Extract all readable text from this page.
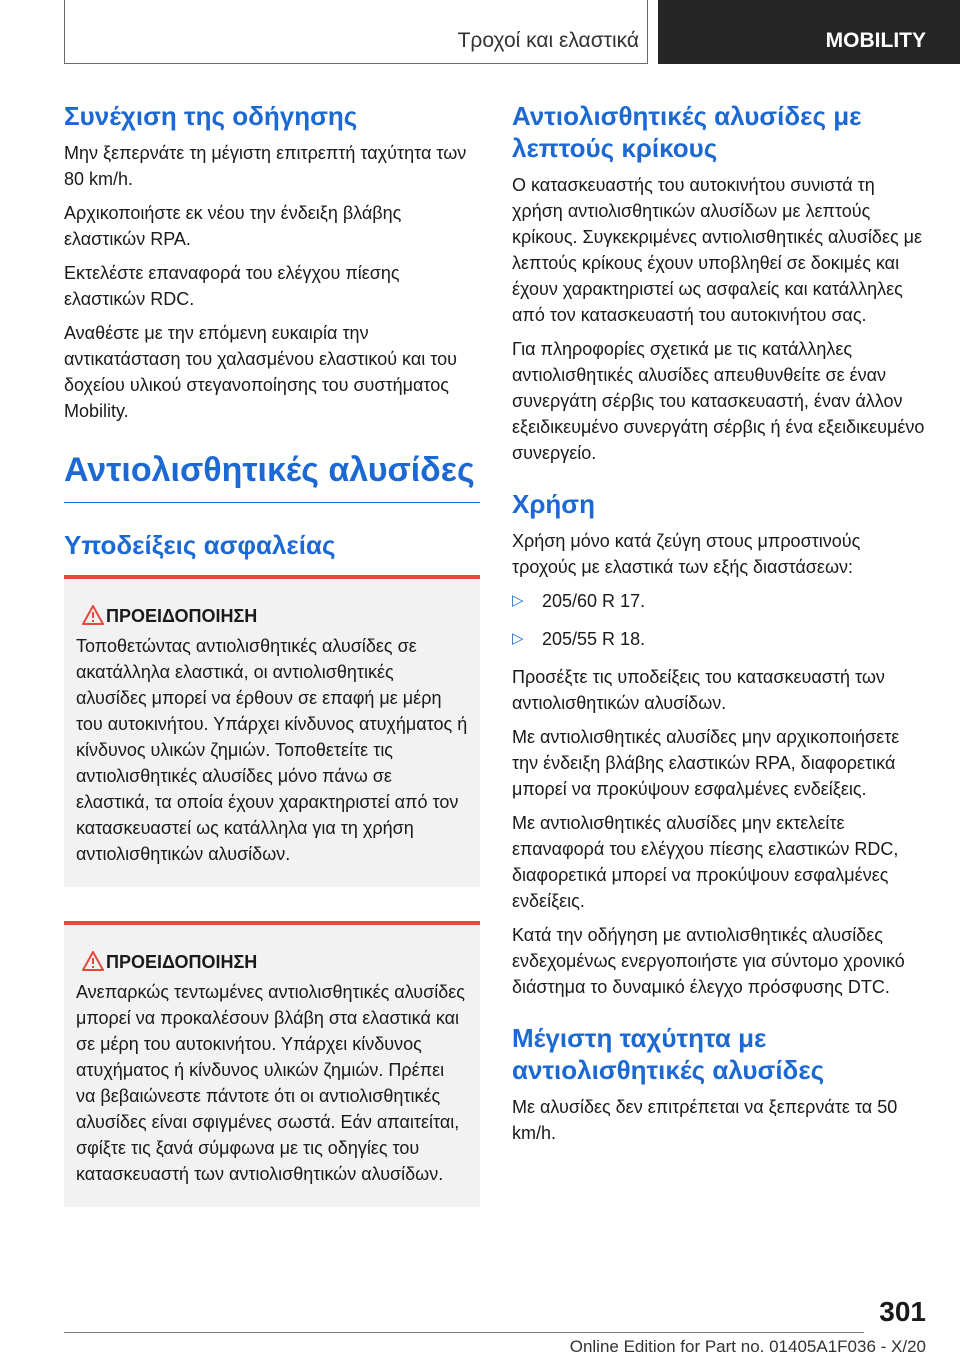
Τροχοί και ελαστικά	MOBILITY
Συνέχιση της οδήγησης

Μην ξεπερνάτε τη μέγιστη επιτρεπτή ταχύτητα των 80 km/h.

Αρχικοποιήστε εκ νέου την ένδειξη βλάβης ελαστικών RPA.

Εκτελέστε επαναφορά του ελέγχου πίεσης ελαστικών RDC.

Αναθέστε με την επόμενη ευκαιρία την αντικατάσταση του χαλασμένου ελαστικού και του δοχείου υλικού στεγανοποίησης του συστήματος Mobility.

Αντιολισθητικές αλυσίδες
Υποδείξεις ασφαλείας
ΠΡΟΕΙΔΟΠΟΙΗΣΗ

Τοποθετώντας αντιολισθητικές αλυσίδες σε ακατάλληλα ελαστικά, οι αντιολισθητικές αλυσίδες μπορεί να έρθουν σε επαφή με μέρη του αυτοκινήτου. Υπάρχει κίνδυνος ατυχήματος ή κίνδυνος υλικών ζημιών. Τοποθετείτε τις αντιολισθητικές αλυσίδες μόνο πάνω σε ελαστικά, τα οποία έχουν χαρακτηριστεί από τον κατασκευαστεί ως κατάλληλα για τη χρήση αντιολισθητικών αλυσίδων.

ΠΡΟΕΙΔΟΠΟΙΗΣΗ

Ανεπαρκώς τεντωμένες αντιολισθητικές αλυσίδες μπορεί να προκαλέσουν βλάβη στα ελαστικά και σε μέρη του αυτοκινήτου. Υπάρχει κίνδυνος ατυχήματος ή κίνδυνος υλικών ζημιών. Πρέπει να βεβαιώνεστε πάντοτε ότι οι αντιολισθητικές αλυσίδες είναι σφιγμένες σωστά. Εάν απαιτείται, σφίξτε τις ξανά σύμφωνα με τις οδηγίες του κατασκευαστή των αντιολισθητικών αλυσίδων.

Αντιολισθητικές αλυσίδες με λεπτούς κρίκους

Ο κατασκευαστής του αυτοκινήτου συνιστά τη χρήση αντιολισθητικών αλυσίδων με λεπτούς κρίκους. Συγκεκριμένες αντιολισθητικές αλυσίδες με λεπτούς κρίκους έχουν υποβληθεί σε δοκιμές και έχουν χαρακτηριστεί ως ασφαλείς και κατάλληλες από τον κατασκευαστή του αυτοκινήτου σας.

Για πληροφορίες σχετικά με τις κατάλληλες αντιολισθητικές αλυσίδες απευθυνθείτε σε έναν συνεργάτη σέρβις του κατασκευαστή, έναν άλλον εξειδικευμένο συνεργάτη σέρβις ή ένα εξειδικευμένο συνεργείο.

Χρήση

Χρήση μόνο κατά ζεύγη στους μπροστινούς τροχούς με ελαστικά των εξής διαστάσεων:

▷ 205/60 R 17.
▷ 205/55 R 18.

Προσέξτε τις υποδείξεις του κατασκευαστή των αντιολισθητικών αλυσίδων.

Με αντιολισθητικές αλυσίδες μην αρχικοποιήσετε την ένδειξη βλάβης ελαστικών RPA, διαφορετικά μπορεί να προκύψουν εσφαλμένες ενδείξεις.

Με αντιολισθητικές αλυσίδες μην εκτελείτε επαναφορά του ελέγχου πίεσης ελαστικών RDC, διαφορετικά μπορεί να προκύψουν εσφαλμένες ενδείξεις.

Κατά την οδήγηση με αντιολισθητικές αλυσίδες ενδεχομένως ενεργοποιήστε για σύντομο χρονικό διάστημα το δυναμικό έλεγχο πρόσφυσης DTC.

Μέγιστη ταχύτητα με αντιολισθητικές αλυσίδες

Με αλυσίδες δεν επιτρέπεται να ξεπερνάτε τα 50 km/h.

301
Online Edition for Part no. 01405A1F036 - X/20
